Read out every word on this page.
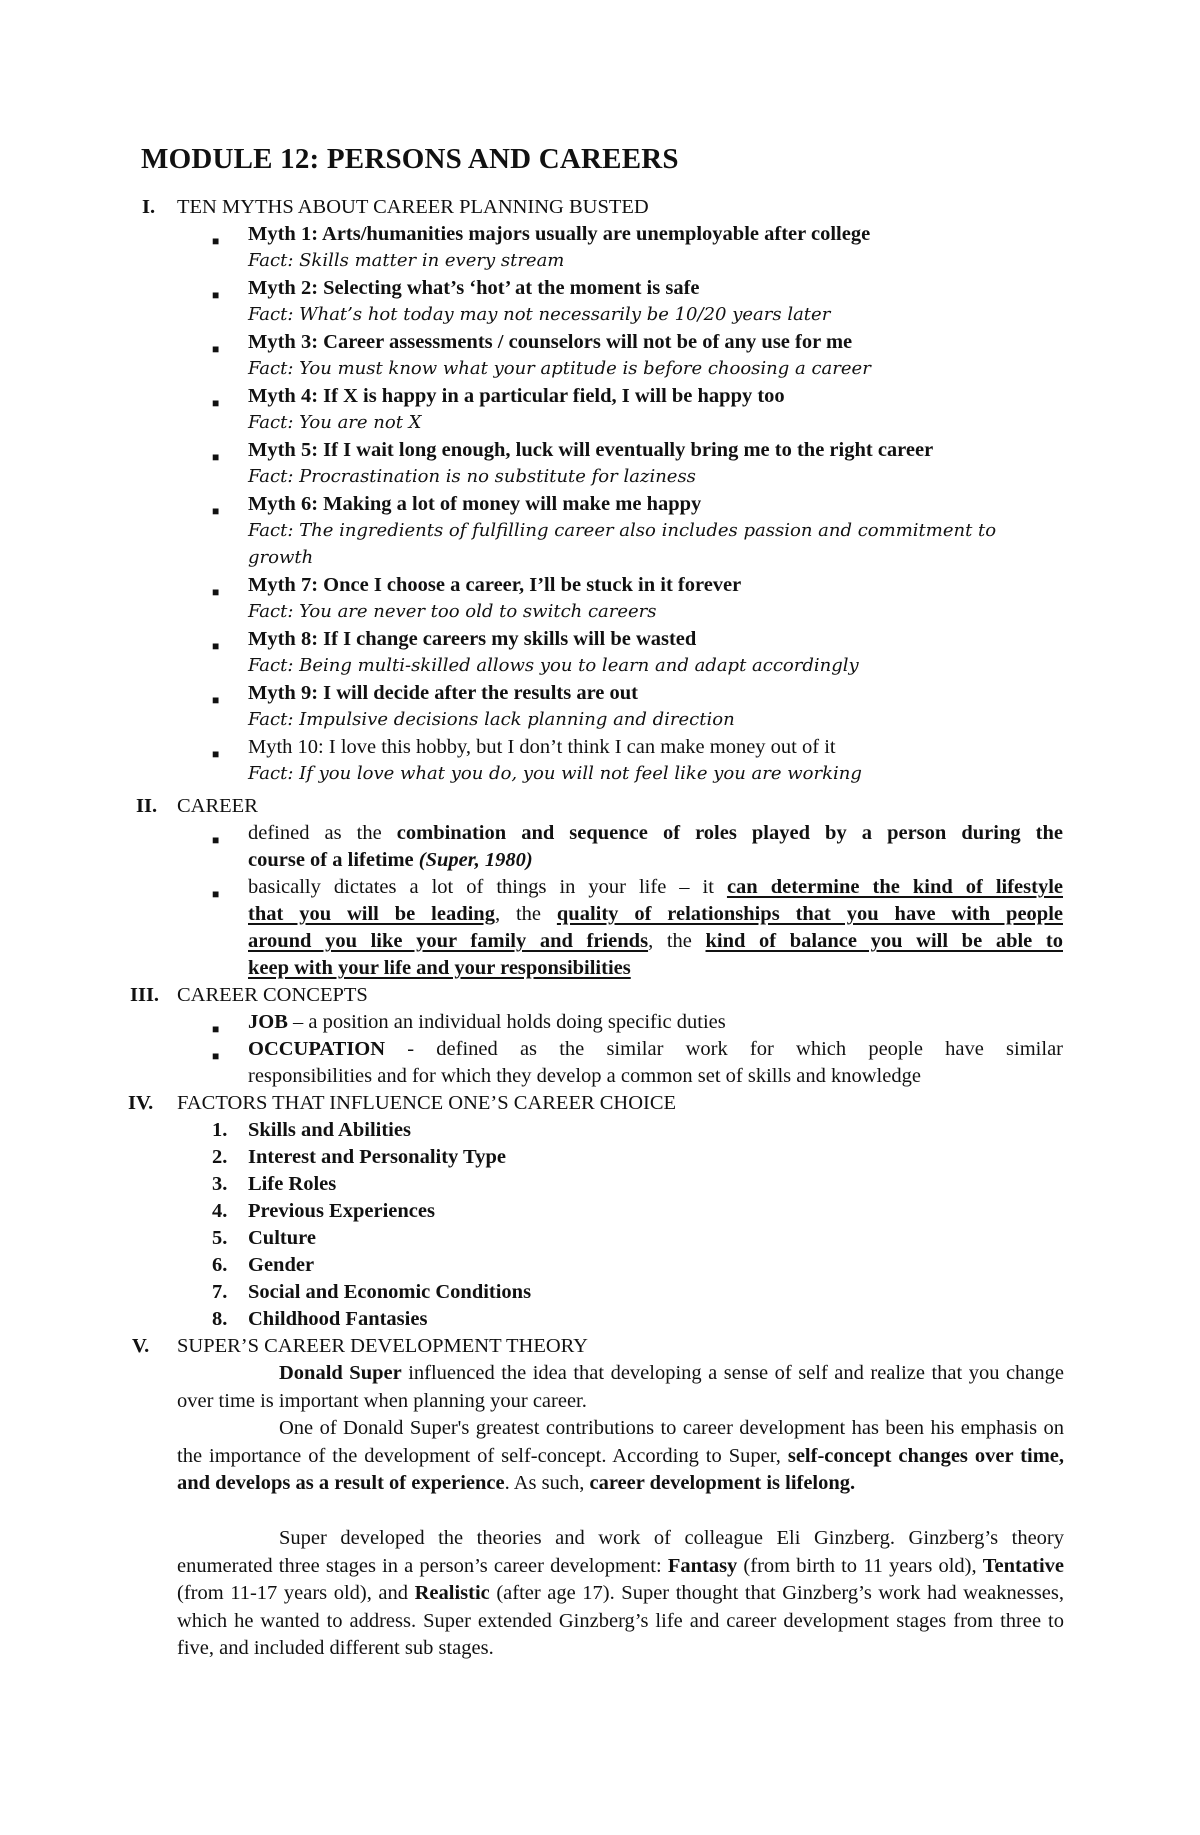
MODULE 12: PERSONS AND CAREERS
I.	TEN MYTHS ABOUT CAREER PLANNING BUSTED
■ Myth 1: Arts/humanities majors usually are unemployable after college
Fact: Skills matter in every stream
■ Myth 2: Selecting what’s ‘hot’ at the moment is safe
Fact: What’s hot today may not necessarily be 10/20 years later
■ Myth 3: Career assessments / counselors will not be of any use for me
Fact: You must know what your aptitude is before choosing a career
■ Myth 4: If X is happy in a particular field, I will be happy too
Fact: You are not X
■ Myth 5: If I wait long enough, luck will eventually bring me to the right career
Fact: Procrastination is no substitute for laziness
■ Myth 6: Making a lot of money will make me happy
Fact: The ingredients of fulfilling career also includes passion and commitment to
growth
■ Myth 7: Once I choose a career, I’ll be stuck in it forever
Fact: You are never too old to switch careers
■ Myth 8: If I change careers my skills will be wasted
Fact: Being multi-skilled allows you to learn and adapt accordingly
■ Myth 9: I will decide after the results are out
Fact: Impulsive decisions lack planning and direction
■ Myth 10: I love this hobby, but I don’t think I can make money out of it
Fact: If you love what you do, you will not feel like you are working
II. CAREER
■ defined as the combination and sequence of roles played by a person during the
course of a lifetime (Super, 1980)
■ basically dictates a lot of things in your life – it can determine the kind of lifestyle
that you will be leading, the quality of relationships that you have with people
around you like your family and friends, the kind of balance you will be able to
keep with your life and your responsibilities
III. CAREER CONCEPTS
■ JOB – a position an individual holds doing specific duties
■ OCCUPATION - defined as the similar work for which people have similar
responsibilities and for which they develop a common set of skills and knowledge
IV.	FACTORS THAT INFLUENCE ONE’S CAREER CHOICE
1.	Skills and Abilities
2.	Interest and Personality Type
3.	Life Roles
4.	Previous Experiences
5.	Culture
6.	Gender
7.	Social and Economic Conditions
8.	Childhood Fantasies
V.	SUPER’S CAREER DEVELOPMENT THEORY
Donald Super influenced the idea that developing a sense of self and realize that you change over time is important when planning your career.
One of Donald Super's greatest contributions to career development has been his emphasis on the importance of the development of self-concept. According to Super, self-concept changes over time, and develops as a result of experience. As such, career development is lifelong.
Super developed the theories and work of colleague Eli Ginzberg. Ginzberg’s theory enumerated three stages in a person’s career development: Fantasy (from birth to 11 years old), Tentative (from 11-17 years old), and Realistic (after age 17). Super thought that Ginzberg’s work had weaknesses, which he wanted to address. Super extended Ginzberg’s life and career development stages from three to five, and included different sub stages.
